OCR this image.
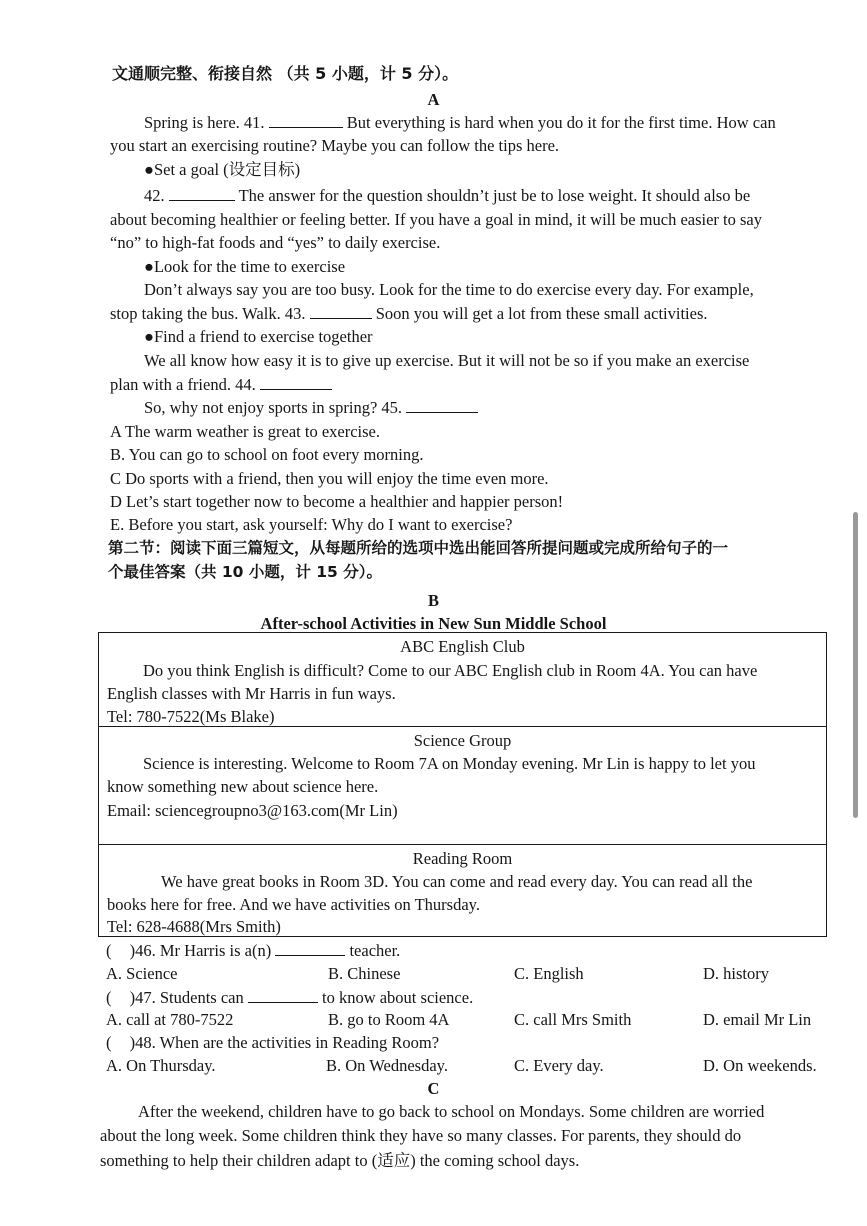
文通顺完整、衔接自然 （共 5 小题，计 5 分）。
A
Spring is here. 41.	But everything is hard when you do it for the first time. How can
you start an exercising routine? Maybe you can follow the tips here.
●Set a goal (设定目标)
42.	The answer for the question shouldn’t just be to lose weight. It should also be
about becoming healthier or feeling better. If you have a goal in mind, it will be much easier to say
“no” to high-fat foods and “yes” to daily exercise.
●Look for the time to exercise
Don’t always say you are too busy. Look for the time to do exercise every day. For example,
stop taking the bus. Walk. 43.	Soon you will get a lot from these small activities.
●Find a friend to exercise together
We all know how easy it is to give up exercise. But it will not be so if you make an exercise
plan with a friend. 44.
So, why not enjoy sports in spring? 45.
A The warm weather is great to exercise.
B. You can go to school on foot every morning.
C Do sports with a friend, then you will enjoy the time even more.
D Let’s start together now to become a healthier and happier person!
E. Before you start, ask yourself: Why do I want to exercise?
第二节：阅读下面三篇短文，从每题所给的选项中选出能回答所提问题或完成所给句子的一
个最佳答案（共 10 小题，计 15 分）。
B
After-school Activities in New Sun Middle School
ABC English Club
Do you think English is difficult? Come to our ABC English club in Room 4A. You can have
English classes with Mr Harris in fun ways.
Tel: 780-7522(Ms Blake)
Science Group
Science is interesting. Welcome to Room 7A on Monday evening. Mr Lin is happy to let you
know something new about science here.
Email: sciencegroupno3@163.com(Mr Lin)
Reading Room
We have great books in Room 3D. You can come and read every day. You can read all the
books here for free. And we have activities on Thursday.
Tel: 628-4688(Mrs Smith)
( )46. Mr Harris is a(n)	teacher.
A. Science	B. Chinese	C. English	D. history
( )47. Students can	to know about science.
A. call at 780-7522	B. go to Room 4A	C. call Mrs Smith	D. email Mr Lin
( )48. When are the activities in Reading Room?
A. On Thursday.	B. On Wednesday.	C. Every day.	D. On weekends.
C
After the weekend, children have to go back to school on Mondays. Some children are worried
about the long week. Some children think they have so many classes. For parents, they should do
something to help their children adapt to (适应) the coming school days.
